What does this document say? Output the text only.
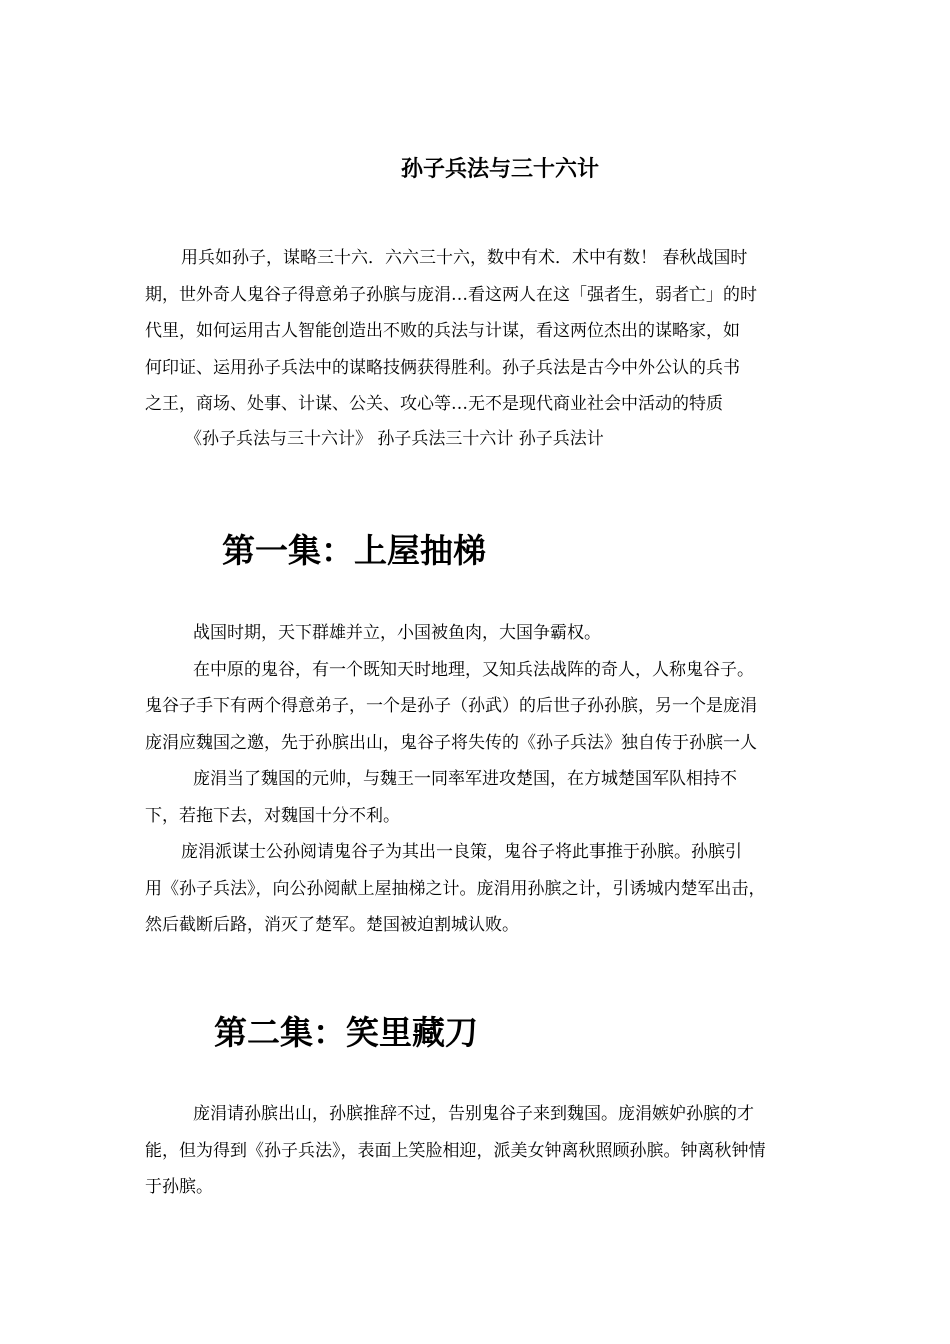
孙子兵法与三十六计
用兵如孙子，谋略三十六．六六三十六，数中有术．术中有数！ 春秋战国时
期，世外奇人鬼谷子得意弟子孙膑与庞涓…看这两人在这「强者生，弱者亡」的时
代里，如何运用古人智能创造出不败的兵法与计谋，看这两位杰出的谋略家，如
何印证、运用孙子兵法中的谋略技俩获得胜利。孙子兵法是古今中外公认的兵书
之王，商场、处事、计谋、公关、攻心等…无不是现代商业社会中活动的特质
《孙子兵法与三十六计》 孙子兵法三十六计 孙子兵法计
第一集：上屋抽梯
战国时期，天下群雄并立，小国被鱼肉，大国争霸权。
在中原的鬼谷，有一个既知天时地理，又知兵法战阵的奇人，人称鬼谷子。
鬼谷子手下有两个得意弟子，一个是孙子（孙武）的后世子孙孙膑，另一个是庞涓
庞涓应魏国之邀，先于孙膑出山，鬼谷子将失传的《孙子兵法》独自传于孙膑一人
庞涓当了魏国的元帅，与魏王一同率军进攻楚国，在方城楚国军队相持不
下，若拖下去，对魏国十分不利。
庞涓派谋士公孙阅请鬼谷子为其出一良策，鬼谷子将此事推于孙膑。孙膑引
用《孙子兵法》，向公孙阅献上屋抽梯之计。庞涓用孙膑之计，引诱城内楚军出击，
然后截断后路，消灭了楚军。楚国被迫割城认败。
第二集：笑里藏刀
庞涓请孙膑出山，孙膑推辞不过，告别鬼谷子来到魏国。庞涓嫉妒孙膑的才
能，但为得到《孙子兵法》，表面上笑脸相迎，派美女钟离秋照顾孙膑。钟离秋钟情
于孙膑。
